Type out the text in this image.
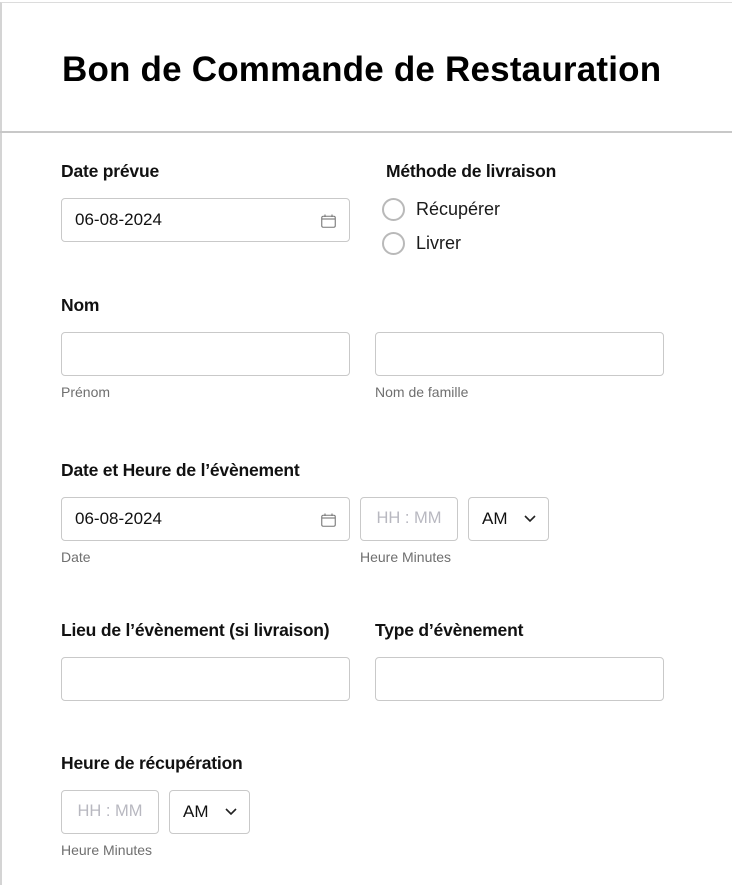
Bon de Commande de Restauration
Date prévue
06-08-2024
Méthode de livraison
Récupérer
Livrer
Nom
Prénom	Nom de famille
Date et Heure de l’évènement
06-08-2024
Date
HH : MM
Heure Minutes
AM
Lieu de l’évènement (si livraison)	Type d’évènement
Heure de récupération
HH : MM
Heure Minutes
AM
